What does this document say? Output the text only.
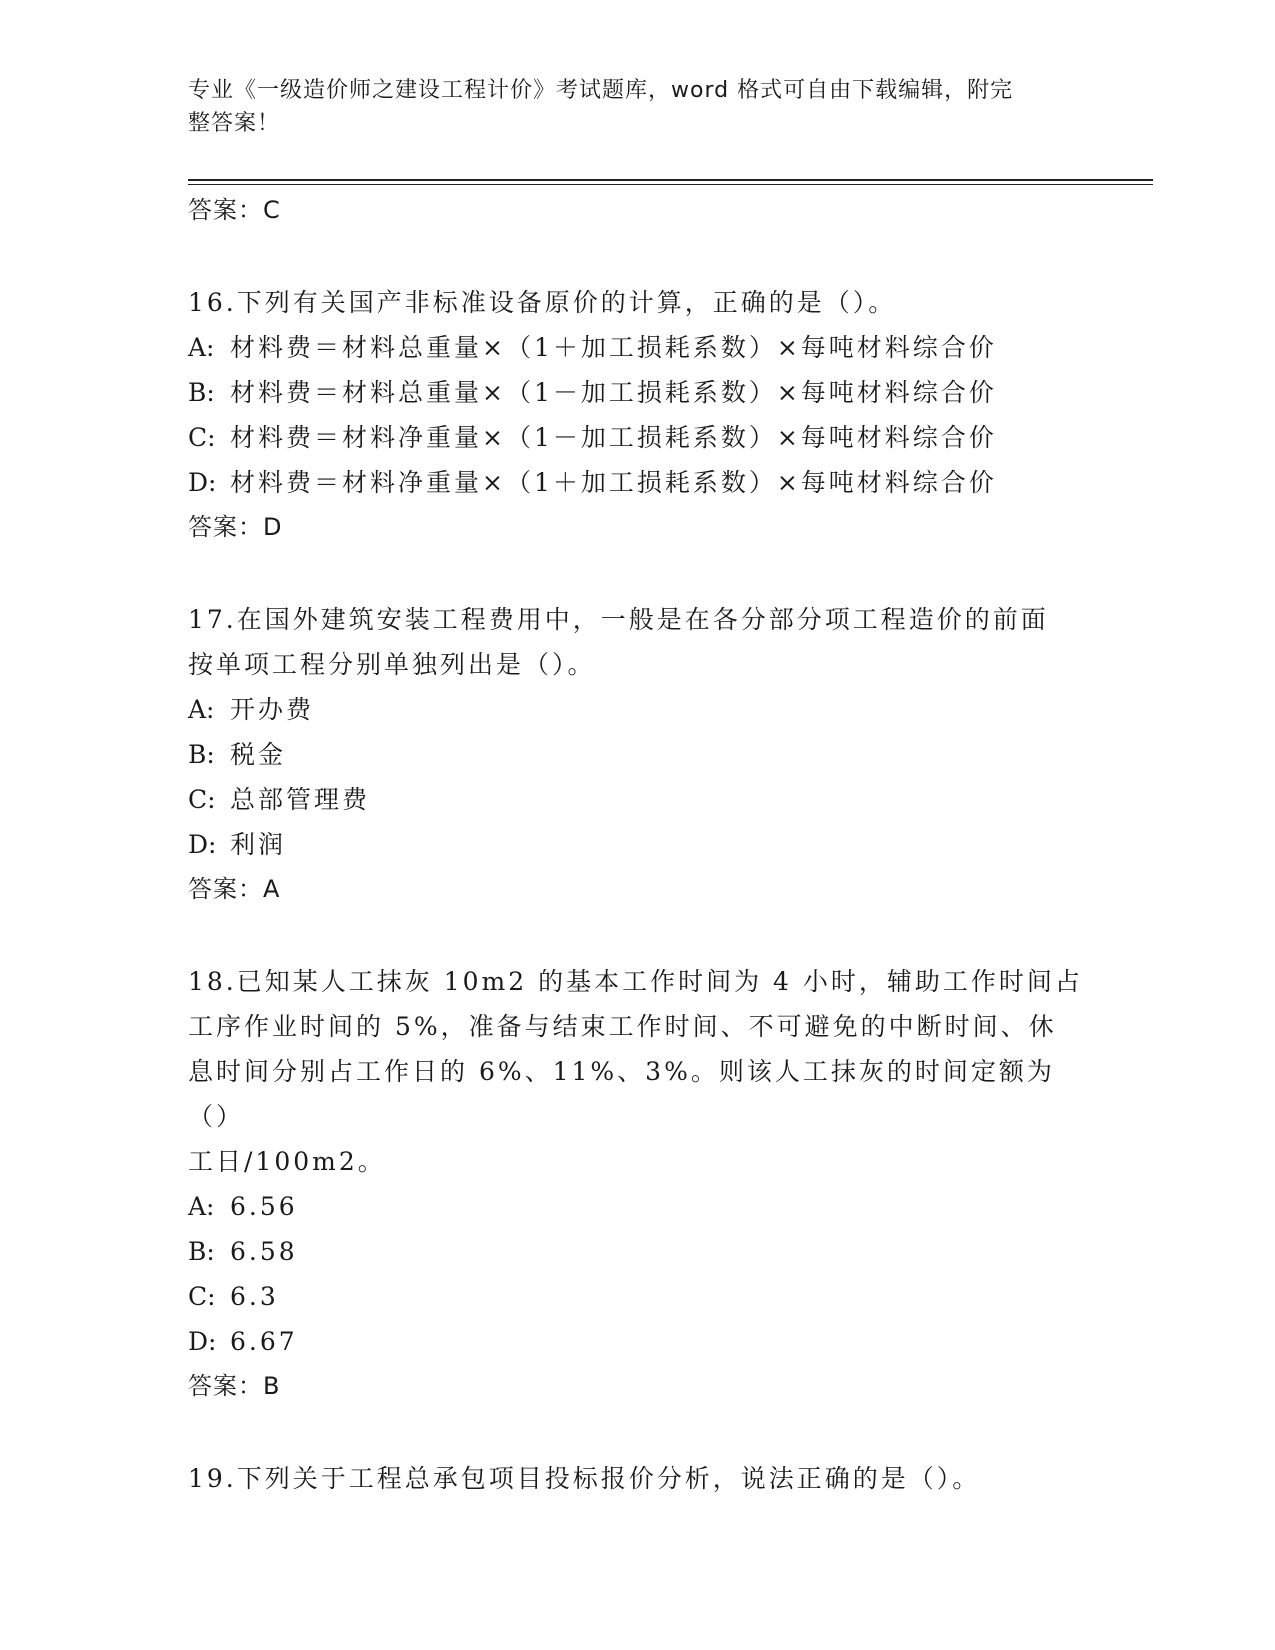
专业《一级造价师之建设工程计价》考试题库，word 格式可自由下载编辑，附完
整答案！
答案：C
16.下列有关国产非标准设备原价的计算，正确的是（）。
A: 材料费＝材料总重量×（1＋加工损耗系数）×每吨材料综合价
B: 材料费＝材料总重量×（1－加工损耗系数）×每吨材料综合价
C: 材料费＝材料净重量×（1－加工损耗系数）×每吨材料综合价
D: 材料费＝材料净重量×（1＋加工损耗系数）×每吨材料综合价
答案：D
17.在国外建筑安装工程费用中，一般是在各分部分项工程造价的前面
按单项工程分别单独列出是（）。
A: 开办费
B: 税金
C: 总部管理费
D: 利润
答案：A
18.已知某人工抹灰 10m2 的基本工作时间为 4 小时，辅助工作时间占
工序作业时间的 5%，准备与结束工作时间、不可避免的中断时间、休
息时间分别占工作日的 6%、11%、3%。则该人工抹灰的时间定额为（）
工日/100m2。
A: 6.56
B: 6.58
C: 6.3
D: 6.67
答案：B
19.下列关于工程总承包项目投标报价分析，说法正确的是（）。
